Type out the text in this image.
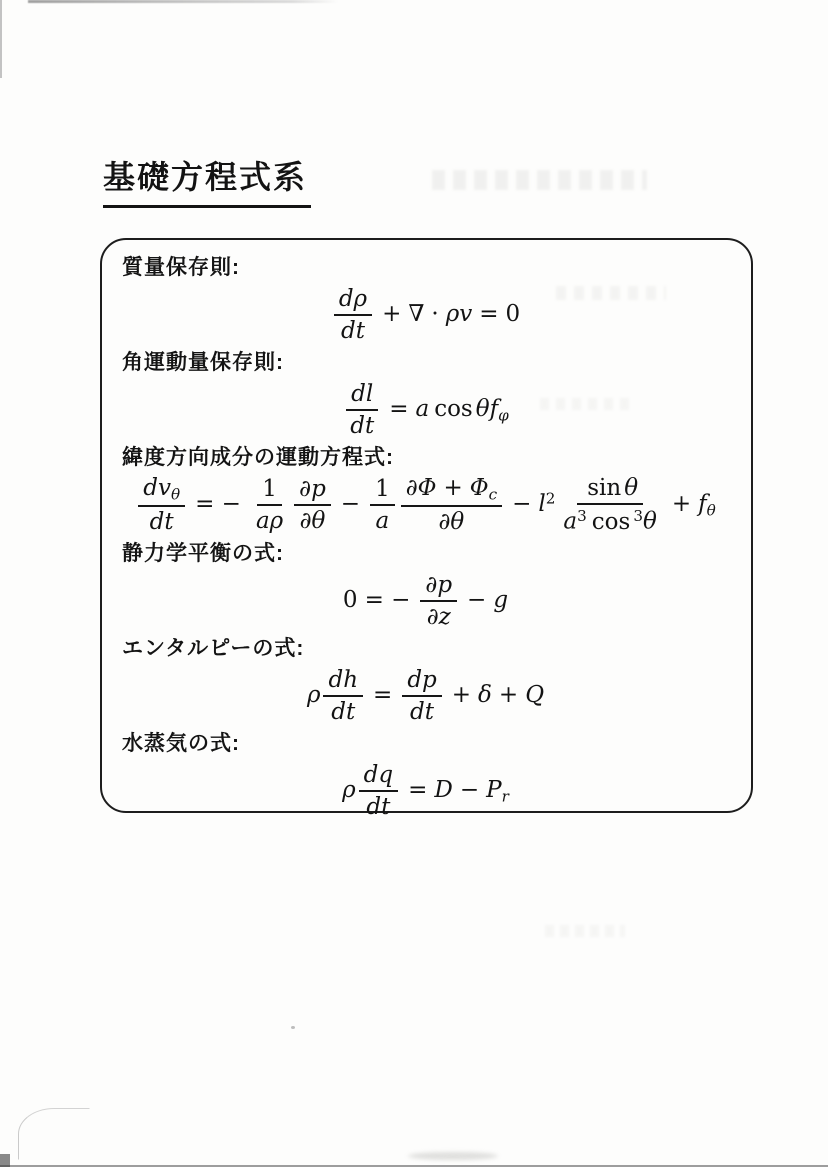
基礎方程式系
質量保存則:
$\frac{d\rho}{dt}$ + ∇ · ρv = 0
角運動量保存則:
$\frac{dl}{dt} = a$ cos θfφ
緯度方向成分の運動方程式:
$\frac{\text{dvθ}}{dt}$ = − $\frac{1}{a\rho} \frac{\partial p}{\partial\theta} - \frac{1}{a} \frac{\partial\Phi + \Phi c}{\partial\theta} - l^2 \frac{\text{sin θ}}{a^3 \cos ^3\theta} + f\theta$
静力学平衡の式:
0 = − $\frac{\partial p}{\partial z} - g$
エンタルピーの式:
ρ $\frac{dh}{dt} = \frac{dp}{dt} + \delta + Q$
水蒸気の式:
ρ $\frac{dq}{dt} = D - Pr$
